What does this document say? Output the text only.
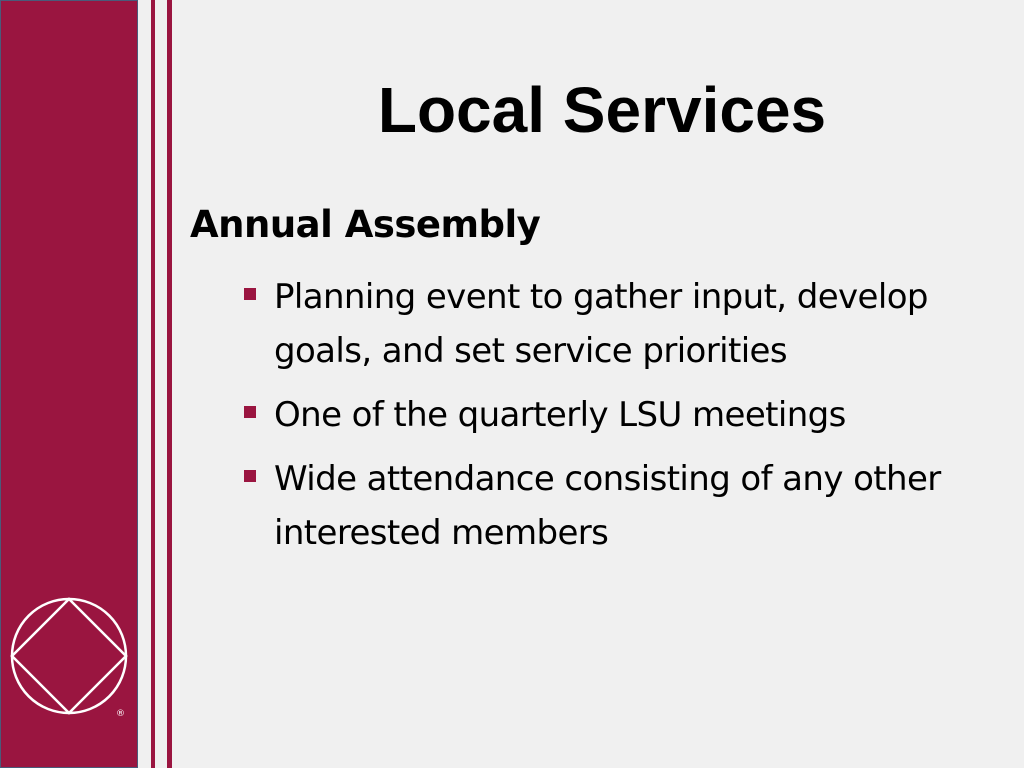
®
Local Services
Annual Assembly
Planning event to gather input, develop goals, and set service priorities
One of the quarterly LSU meetings
Wide attendance consisting of any other interested members
